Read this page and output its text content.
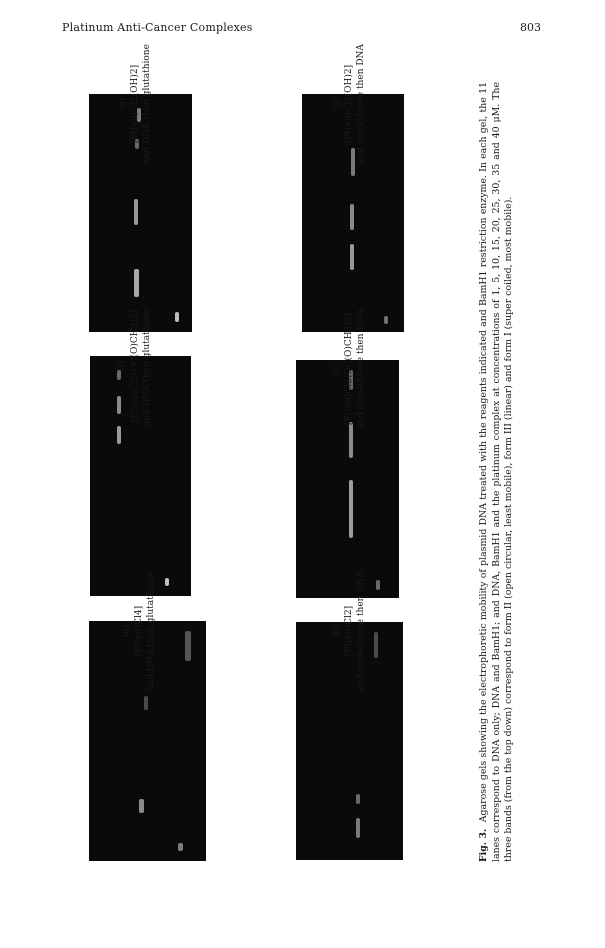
Platinum Anti-Cancer Complexes	803
(g) [Pt(en)Cl2(OH)2] and DNA then glutathione	(j) [Pt(en)Cl2(OH)2] and glutathione then DNA
(f) [Pt(en)Cl2(OC(O)CH3)2] and DNA then glutathione	(i) [Pt(en)Cl2(OC(O)CH3)2] and glutathione then DNA
(e) [Pt(en)Cl4] and DNA then glutathione	(h) [Pt(en)Cl2] and glutathione then DNA
Fig. 3.  Agarose gels showing the electrophoretic mobility of plasmid DNA treated with the reagents indicated and BamH1 restriction enzyme. In each gel, the 11 lanes correspond to DNA only; DNA and BamH1; and DNA, BamH1 and the platinum complex at concentrations of 1, 5, 10, 15, 20, 25, 30, 35 and 40 μM. The three bands (from the top down) correspond to form II (open circular, least mobile), form III (linear) and form I (super coiled, most mobile).
